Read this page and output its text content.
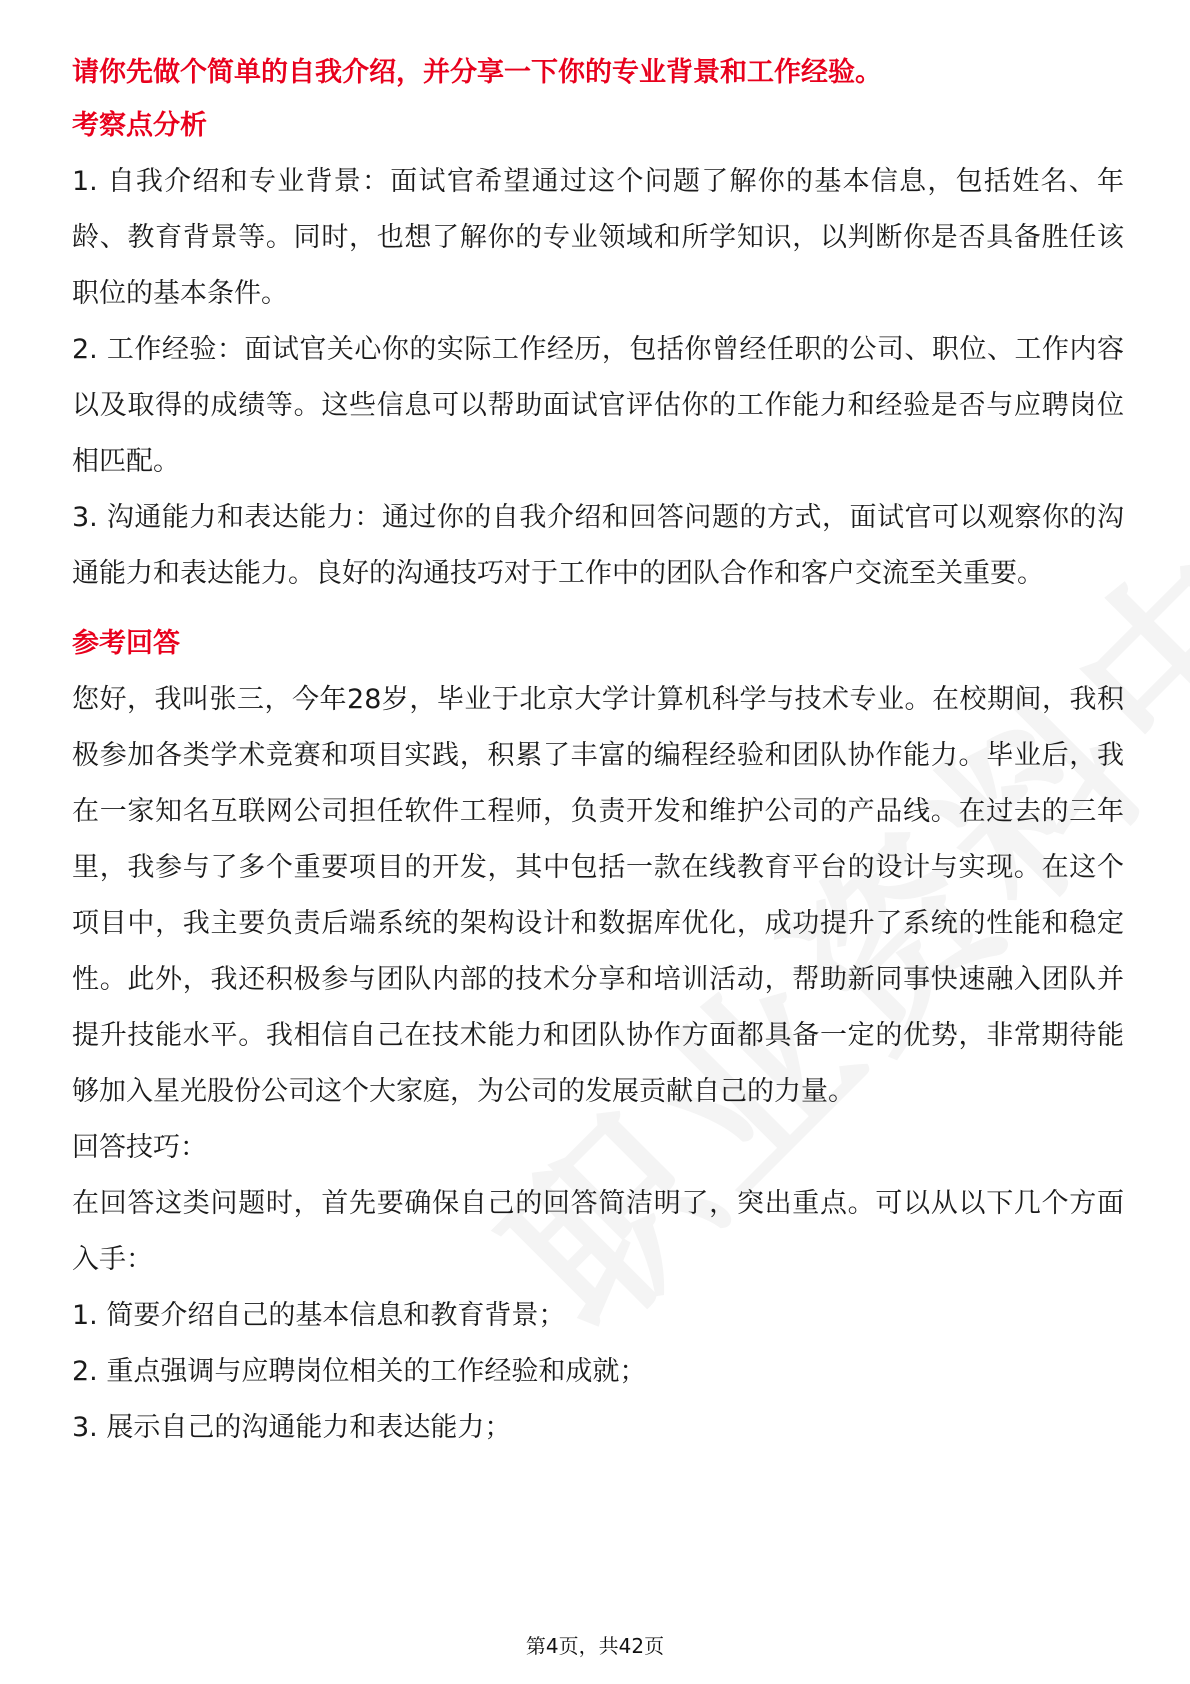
请你先做个简单的自我介绍，并分享一下你的专业背景和工作经验。

考察点分析

1. 自我介绍和专业背景：面试官希望通过这个问题了解你的基本信息，包括姓名、年龄、教育背景等。同时，也想了解你的专业领域和所学知识，以判断你是否具备胜任该职位的基本条件。

2. 工作经验：面试官关心你的实际工作经历，包括你曾经任职的公司、职位、工作内容以及取得的成绩等。这些信息可以帮助面试官评估你的工作能力和经验是否与应聘岗位相匹配。

3. 沟通能力和表达能力：通过你的自我介绍和回答问题的方式，面试官可以观察你的沟通能力和表达能力。良好的沟通技巧对于工作中的团队合作和客户交流至关重要。

参考回答

您好，我叫张三，今年28岁，毕业于北京大学计算机科学与技术专业。在校期间，我积极参加各类学术竞赛和项目实践，积累了丰富的编程经验和团队协作能力。毕业后，我在一家知名互联网公司担任软件工程师，负责开发和维护公司的产品线。在过去的三年里，我参与了多个重要项目的开发，其中包括一款在线教育平台的设计与实现。在这个项目中，我主要负责后端系统的架构设计和数据库优化，成功提升了系统的性能和稳定性。此外，我还积极参与团队内部的技术分享和培训活动，帮助新同事快速融入团队并提升技能水平。我相信自己在技术能力和团队协作方面都具备一定的优势，非常期待能够加入星光股份公司这个大家庭，为公司的发展贡献自己的力量。

回答技巧：

在回答这类问题时，首先要确保自己的回答简洁明了，突出重点。可以从以下几个方面入手：

1. 简要介绍自己的基本信息和教育背景；

2. 重点强调与应聘岗位相关的工作经验和成就；

3. 展示自己的沟通能力和表达能力；

第4页，共42页
